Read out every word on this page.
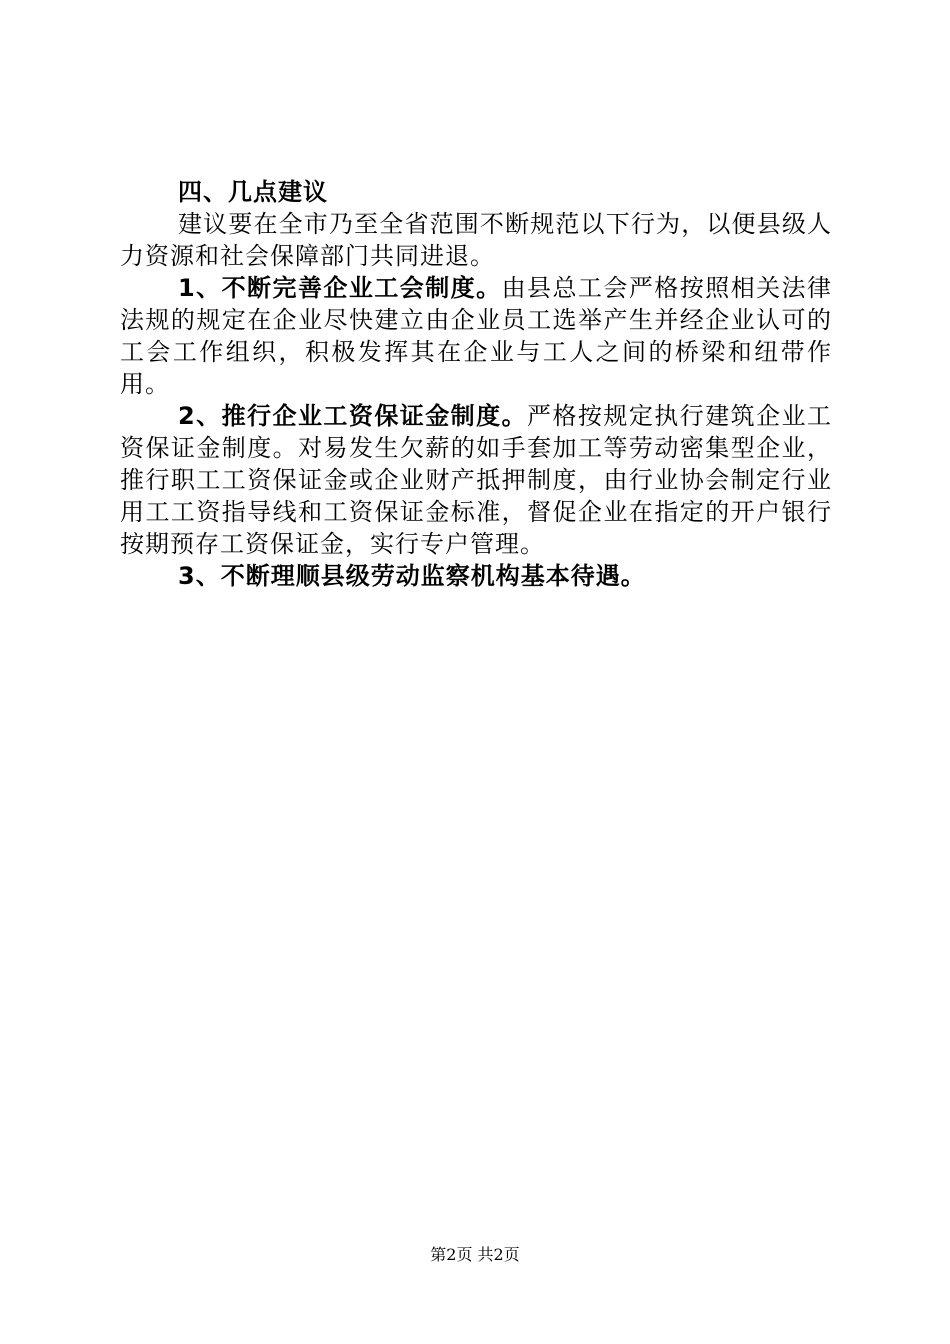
四、几点建议

建议要在全市乃至全省范围不断规范以下行为，以便县级人力资源和社会保障部门共同进退。

1、不断完善企业工会制度。由县总工会严格按照相关法律法规的规定在企业尽快建立由企业员工选举产生并经企业认可的工会工作组织，积极发挥其在企业与工人之间的桥梁和纽带作用。

2、推行企业工资保证金制度。严格按规定执行建筑企业工资保证金制度。对易发生欠薪的如手套加工等劳动密集型企业，推行职工工资保证金或企业财产抵押制度，由行业协会制定行业用工工资指导线和工资保证金标准，督促企业在指定的开户银行按期预存工资保证金，实行专户管理。

3、不断理顺县级劳动监察机构基本待遇。

第2页 共2页
